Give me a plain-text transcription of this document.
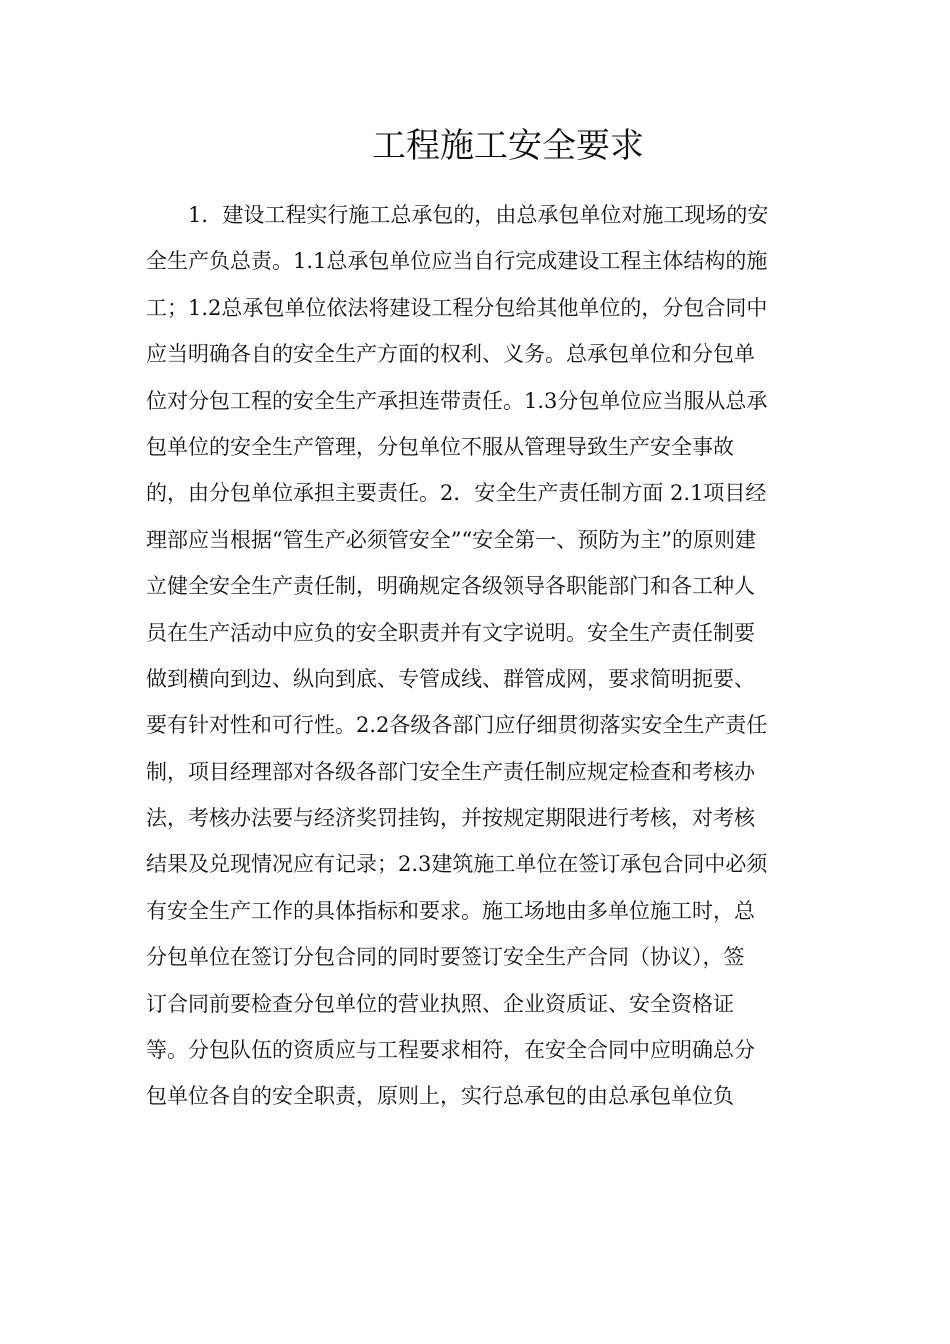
工程施工安全要求
1．建设工程实行施工总承包的，由总承包单位对施工现场的安
全生产负总责。1.1总承包单位应当自行完成建设工程主体结构的施
工；1.2总承包单位依法将建设工程分包给其他单位的，分包合同中
应当明确各自的安全生产方面的权利、义务。总承包单位和分包单
位对分包工程的安全生产承担连带责任。1.3分包单位应当服从总承
包单位的安全生产管理，分包单位不服从管理导致生产安全事故
的，由分包单位承担主要责任。2．安全生产责任制方面 2.1项目经
理部应当根据“管生产必须管安全”“安全第一、预防为主”的原则建
立健全安全生产责任制，明确规定各级领导各职能部门和各工种人
员在生产活动中应负的安全职责并有文字说明。安全生产责任制要
做到横向到边、纵向到底、专管成线、群管成网，要求简明扼要、
要有针对性和可行性。2.2各级各部门应仔细贯彻落实安全生产责任
制，项目经理部对各级各部门安全生产责任制应规定检查和考核办
法，考核办法要与经济奖罚挂钩，并按规定期限进行考核，对考核
结果及兑现情况应有记录；2.3建筑施工单位在签订承包合同中必须
有安全生产工作的具体指标和要求。施工场地由多单位施工时，总
分包单位在签订分包合同的同时要签订安全生产合同（协议），签
订合同前要检查分包单位的营业执照、企业资质证、安全资格证
等。分包队伍的资质应与工程要求相符，在安全合同中应明确总分
包单位各自的安全职责，原则上，实行总承包的由总承包单位负
